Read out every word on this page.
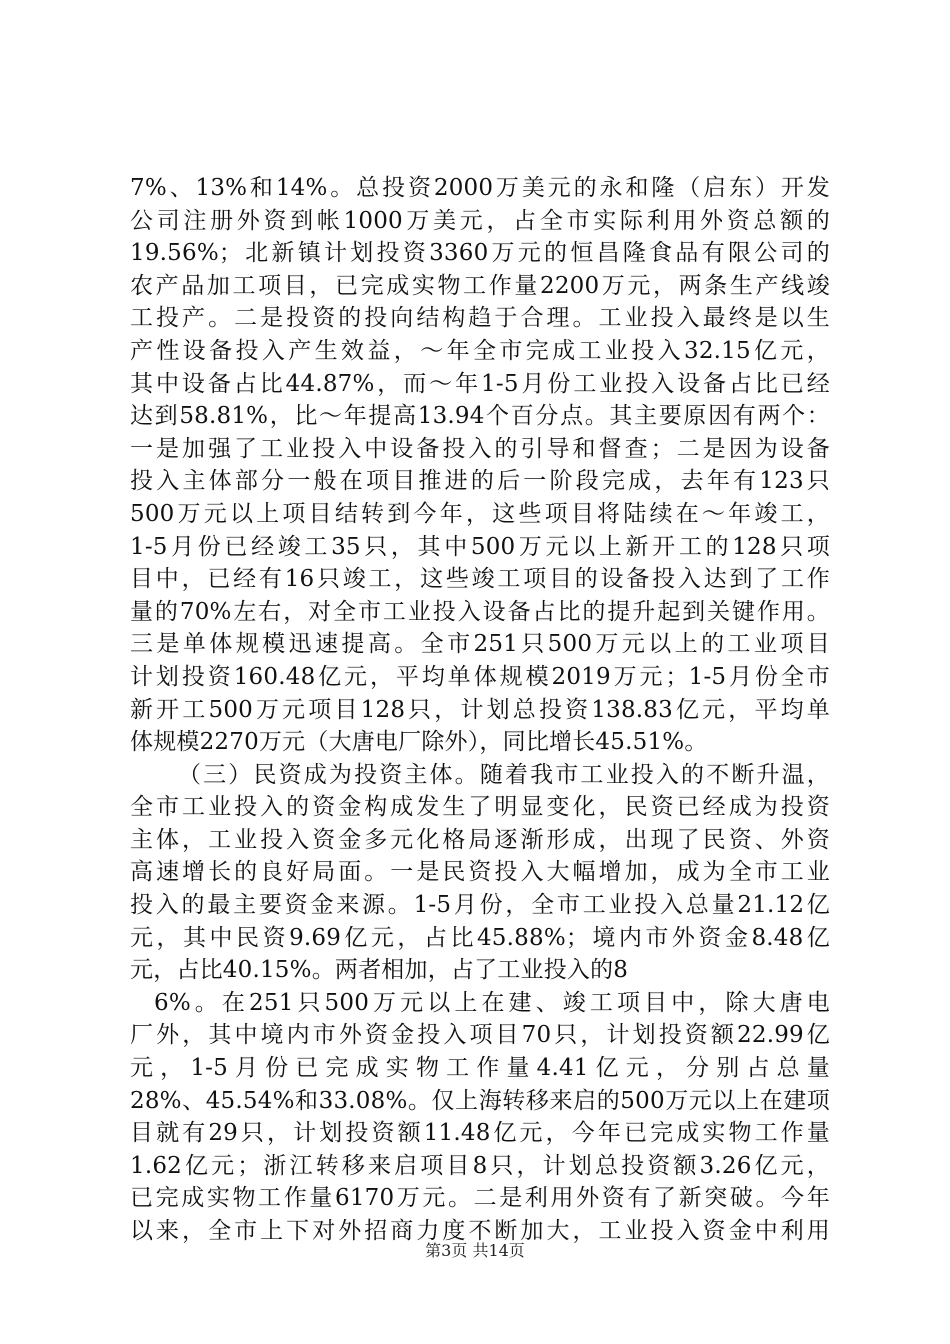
7%、13%和14%。总投资2000万美元的永和隆（启东）开发
公司注册外资到帐1000万美元，占全市实际利用外资总额的
19.56%；北新镇计划投资3360万元的恒昌隆食品有限公司的
农产品加工项目，已完成实物工作量2200万元，两条生产线竣
工投产。二是投资的投向结构趋于合理。工业投入最终是以生
产性设备投入产生效益，～年全市完成工业投入32.15亿元，
其中设备占比44.87%，而～年1-5月份工业投入设备占比已经
达到58.81%，比～年提高13.94个百分点。其主要原因有两个：
一是加强了工业投入中设备投入的引导和督查；二是因为设备
投入主体部分一般在项目推进的后一阶段完成，去年有123只
500万元以上项目结转到今年，这些项目将陆续在～年竣工，
1-5月份已经竣工35只，其中500万元以上新开工的128只项
目中，已经有16只竣工，这些竣工项目的设备投入达到了工作
量的70%左右，对全市工业投入设备占比的提升起到关键作用。
三是单体规模迅速提高。全市251只500万元以上的工业项目
计划投资160.48亿元，平均单体规模2019万元；1-5月份全市
新开工500万元项目128只，计划总投资138.83亿元，平均单
体规模2270万元（大唐电厂除外），同比增长45.51%。
（三）民资成为投资主体。随着我市工业投入的不断升温，
全市工业投入的资金构成发生了明显变化，民资已经成为投资
主体，工业投入资金多元化格局逐渐形成，出现了民资、外资
高速增长的良好局面。一是民资投入大幅增加，成为全市工业
投入的最主要资金来源。1-5月份，全市工业投入总量21.12亿
元，其中民资9.69亿元，占比45.88%；境内市外资金8.48亿
元，占比40.15%。两者相加，占了工业投入的8
6%。在251只500万元以上在建、竣工项目中，除大唐电
厂外，其中境内市外资金投入项目70只，计划投资额22.99亿
元，1-5月份已完成实物工作量4.41亿元，分别占总量
28%、45.54%和33.08%。仅上海转移来启的500万元以上在建项
目就有29只，计划投资额11.48亿元，今年已完成实物工作量
1.62亿元；浙江转移来启项目8只，计划总投资额3.26亿元，
已完成实物工作量6170万元。二是利用外资有了新突破。今年
以来，全市上下对外招商力度不断加大，工业投入资金中利用
第3页 共14页
